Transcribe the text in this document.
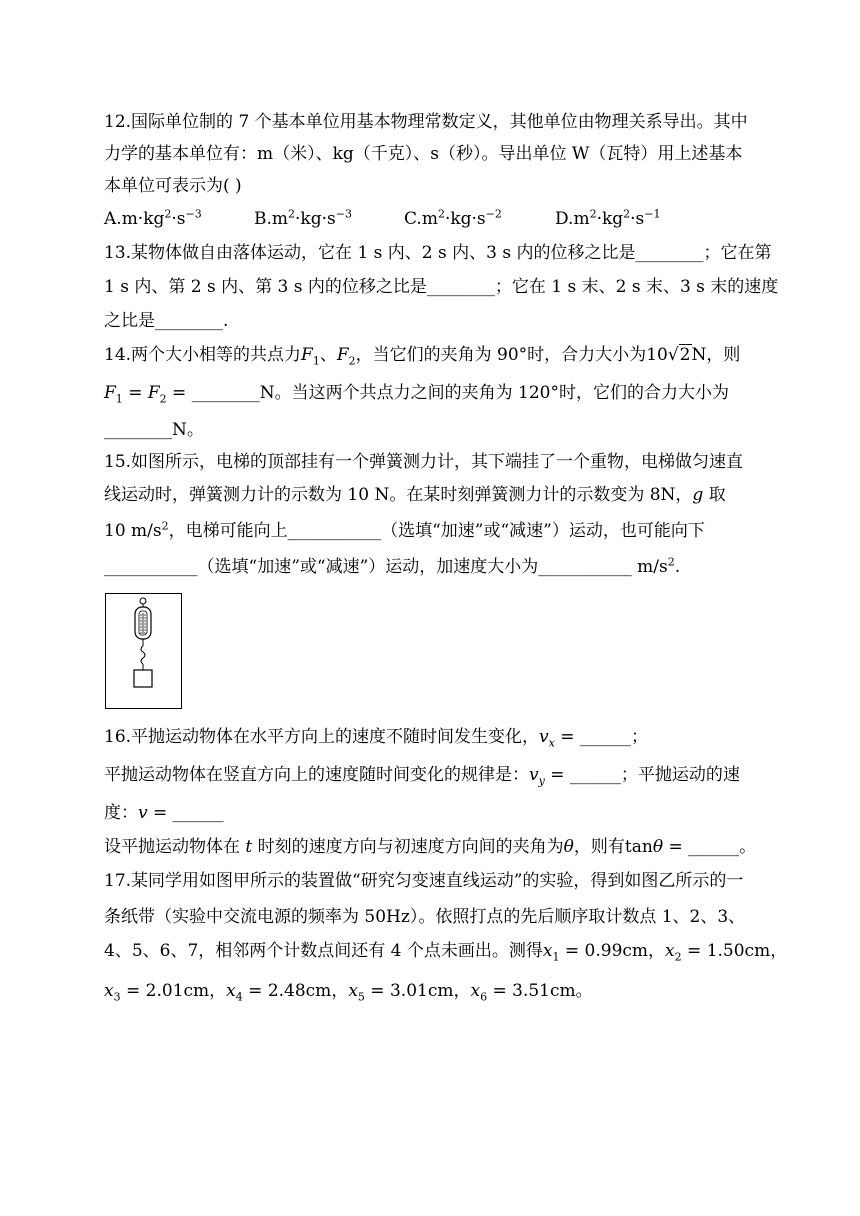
12.国际单位制的 7 个基本单位用基本物理常数定义，其他单位由物理关系导出。其中
力学的基本单位有：m（米）、kg（千克）、s（秒）。导出单位 W（瓦特）用上述基本
本单位可表示为( )
$A.m\cdot kg^2\cdot s^{-3}$	$B.m^2\cdot kg\cdot s^{-3}$	$C.m^2\cdot kg\cdot s^{-2}$	$D.m^2\cdot kg^2\cdot s^{-1}$
13.某物体做自由落体运动，它在 1 s 内、2 s 内、3 s 内的位移之比是________；它在第
1 s 内、第 2 s 内、第 3 s 内的位移之比是________；它在 1 s 末、2 s 末、3 s 末的速度
之比是________.
14.两个大小相等的共点力$F_1$、$F_2$，当它们的夹角为 90°时，合力大小为10√2N，则
$F_1 = F_2$ = ________N。当这两个共点力之间的夹角为 120°时，它们的合力大小为
________N。
15.如图所示，电梯的顶部挂有一个弹簧测力计，其下端挂了一个重物，电梯做匀速直
线运动时，弹簧测力计的示数为 10 N。在某时刻弹簧测力计的示数变为 8N，g 取
10 $m/s^2$，电梯可能向上___________（选填“加速”或“减速”）运动，也可能向下
___________（选填“加速”或“减速”）运动，加速度大小为___________ $m/s^2$.
16.平抛运动物体在水平方向上的速度不随时间发生变化，$v_x$ = ______；
平抛运动物体在竖直方向上的速度随时间变化的规律是：$v_y$ = ______；平抛运动的速
度：v = ______
设平抛运动物体在 t 时刻的速度方向与初速度方向间的夹角为θ，则有tanθ = ______。
17.某同学用如图甲所示的装置做“研究匀变速直线运动”的实验，得到如图乙所示的一
条纸带（实验中交流电源的频率为 50Hz）。依照打点的先后顺序取计数点 1、2、3、
4、5、6、7，相邻两个计数点间还有 4 个点未画出。测得$x_1 = 0.99cm$，$x_2 = 1.50cm$，
$x_3 = 2.01cm$，$x_4 = 2.48cm$，$x_5 = 3.01cm$，$x_6 = 3.51cm$。
